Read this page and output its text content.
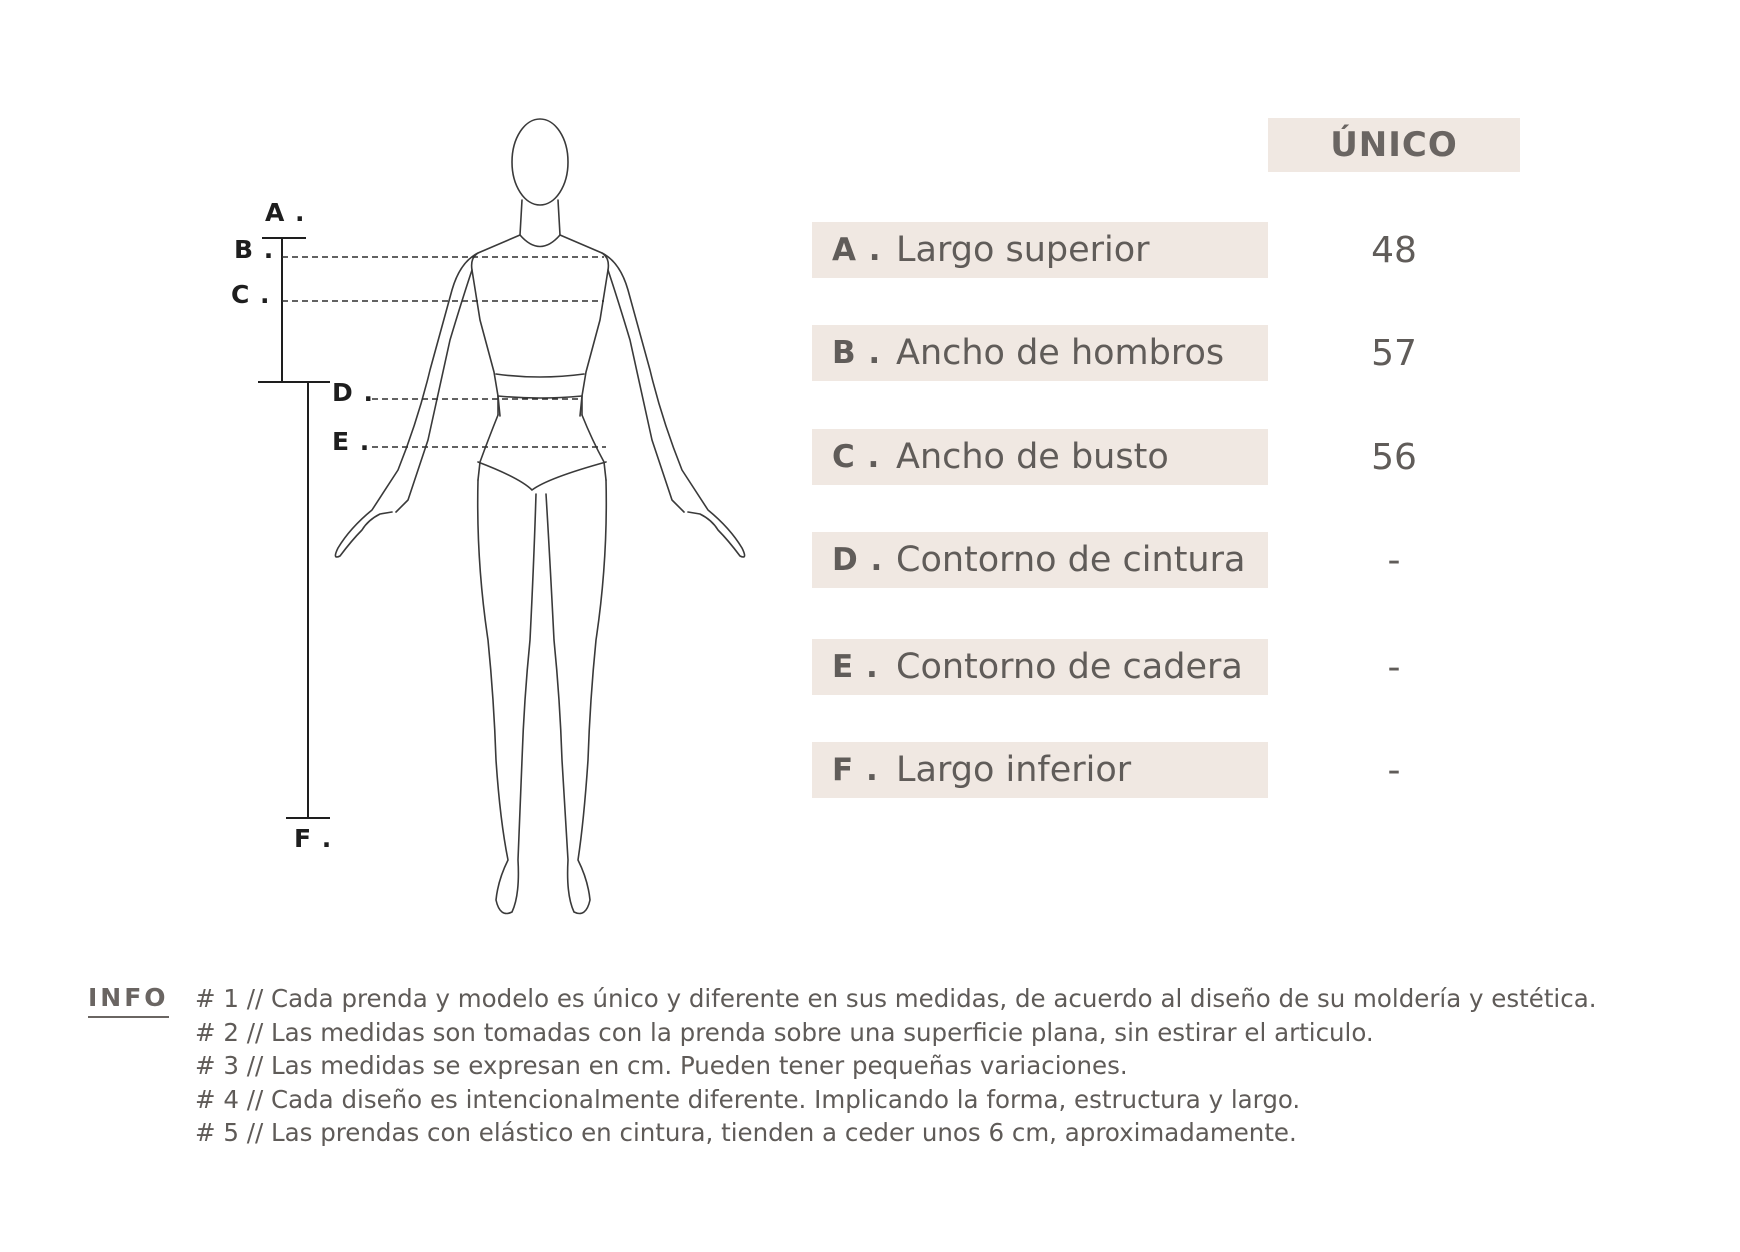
A .
B .
C .
D .
E .
F .
ÚNICO
A . Largo superior	48
B . Ancho de hombros	57
C . Ancho de busto	56
D . Contorno de cintura	-
E . Contorno de cadera	-
F . Largo inferior	-
INFO # 1 // Cada prenda y modelo es único y diferente en sus medidas, de acuerdo al diseño de su moldería y estética.
# 2 // Las medidas son tomadas con la prenda sobre una superficie plana, sin estirar el articulo.
# 3 // Las medidas se expresan en cm. Pueden tener pequeñas variaciones.
# 4 // Cada diseño es intencionalmente diferente. Implicando la forma, estructura y largo.
# 5 // Las prendas con elástico en cintura, tienden a ceder unos 6 cm, aproximadamente.
